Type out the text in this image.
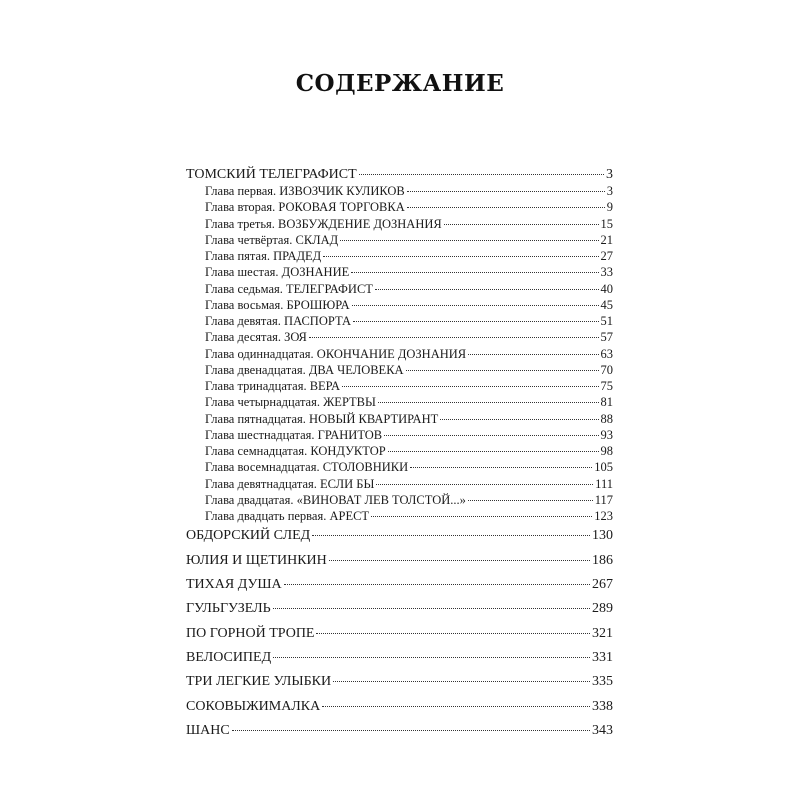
СОДЕРЖАНИЕ
ТОМСКИЙ ТЕЛЕГРАФИСТ	3
Глава первая. ИЗВОЗЧИК КУЛИКОВ	3
Глава вторая. РОКОВАЯ ТОРГОВКА	9
Глава третья. ВОЗБУЖДЕНИЕ ДОЗНАНИЯ	15
Глава четвёртая. СКЛАД	21
Глава пятая. ПРАДЕД	27
Глава шестая. ДОЗНАНИЕ	33
Глава седьмая. ТЕЛЕГРАФИСТ	40
Глава восьмая. БРОШЮРА	45
Глава девятая. ПАСПОРТА	51
Глава десятая. ЗОЯ	57
Глава одиннадцатая. ОКОНЧАНИЕ ДОЗНАНИЯ	63
Глава двенадцатая. ДВА ЧЕЛОВЕКА	70
Глава тринадцатая. ВЕРА	75
Глава четырнадцатая. ЖЕРТВЫ	81
Глава пятнадцатая. НОВЫЙ КВАРТИРАНТ	88
Глава шестнадцатая. ГРАНИТОВ	93
Глава семнадцатая. КОНДУКТОР	98
Глава восемнадцатая. СТОЛОВНИКИ	105
Глава девятнадцатая. ЕСЛИ БЫ	111
Глава двадцатая. «ВИНОВАТ ЛЕВ ТОЛСТОЙ...»	117
Глава двадцать первая. АРЕСТ	123
ОБДОРСКИЙ СЛЕД	130
ЮЛИЯ И ЩЕТИНКИН	186
ТИХАЯ ДУША	267
ГУЛЬГУЗЕЛЬ	289
ПО ГОРНОЙ ТРОПЕ	321
ВЕЛОСИПЕД	331
ТРИ ЛЕГКИЕ УЛЫБКИ	335
СОКОВЫЖИМАЛКА	338
ШАНС	343
